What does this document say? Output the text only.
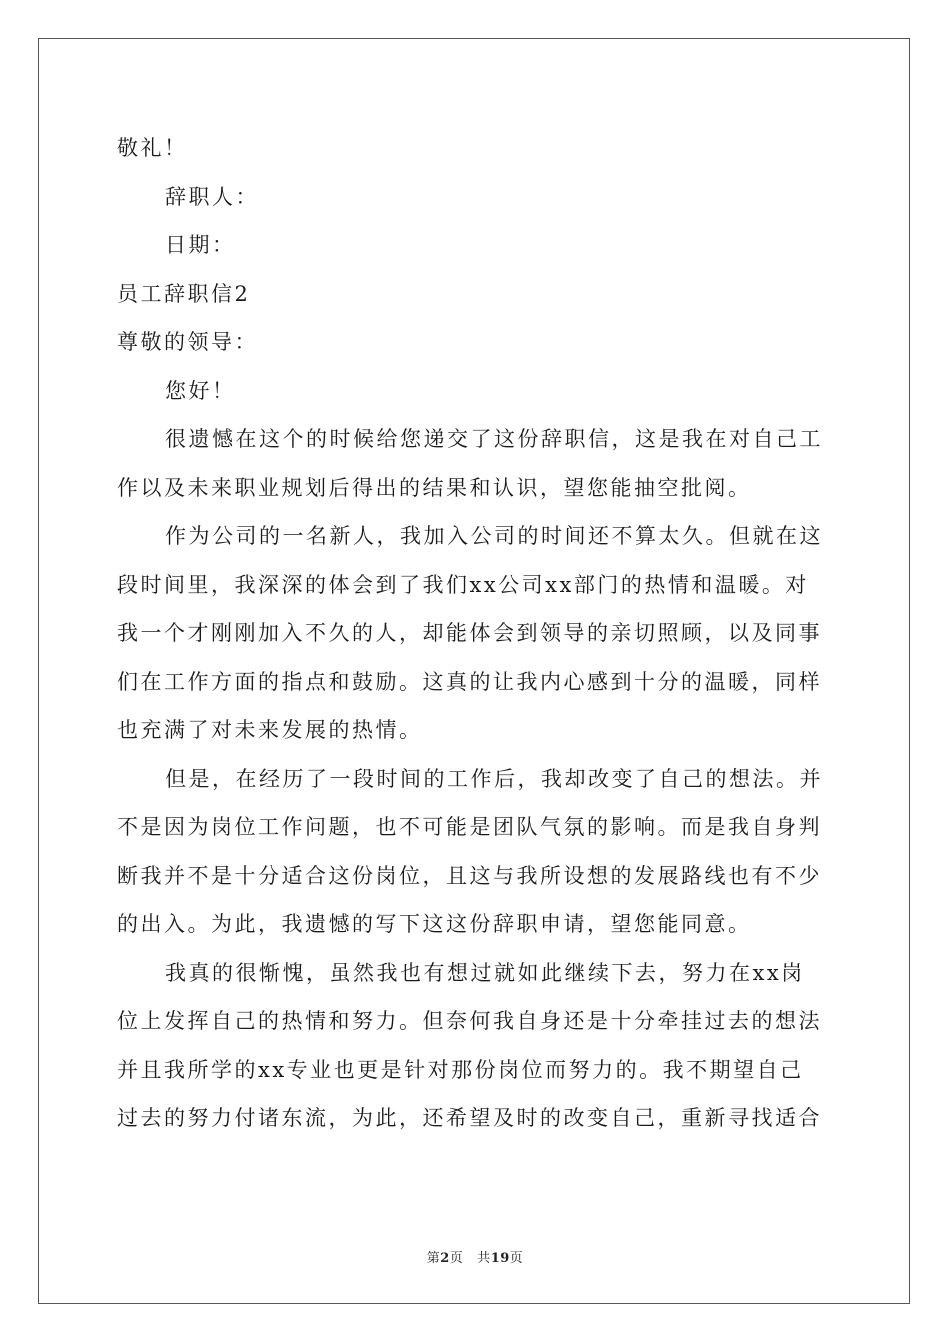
敬礼！
辞职人：
日期：
员工辞职信2
尊敬的领导：
您好！
很遗憾在这个的时候给您递交了这份辞职信，这是我在对自己工
作以及未来职业规划后得出的结果和认识，望您能抽空批阅。
作为公司的一名新人，我加入公司的时间还不算太久。但就在这
段时间里，我深深的体会到了我们xx公司xx部门的热情和温暖。对
我一个才刚刚加入不久的人，却能体会到领导的亲切照顾，以及同事
们在工作方面的指点和鼓励。这真的让我内心感到十分的温暖，同样
也充满了对未来发展的热情。
但是，在经历了一段时间的工作后，我却改变了自己的想法。并
不是因为岗位工作问题，也不可能是团队气氛的影响。而是我自身判
断我并不是十分适合这份岗位，且这与我所设想的发展路线也有不少
的出入。为此，我遗憾的写下这这份辞职申请，望您能同意。
我真的很惭愧，虽然我也有想过就如此继续下去，努力在xx岗
位上发挥自己的热情和努力。但奈何我自身还是十分牵挂过去的想法
并且我所学的xx专业也更是针对那份岗位而努力的。我不期望自己
过去的努力付诸东流，为此，还希望及时的改变自己，重新寻找适合
第2页 共19页
